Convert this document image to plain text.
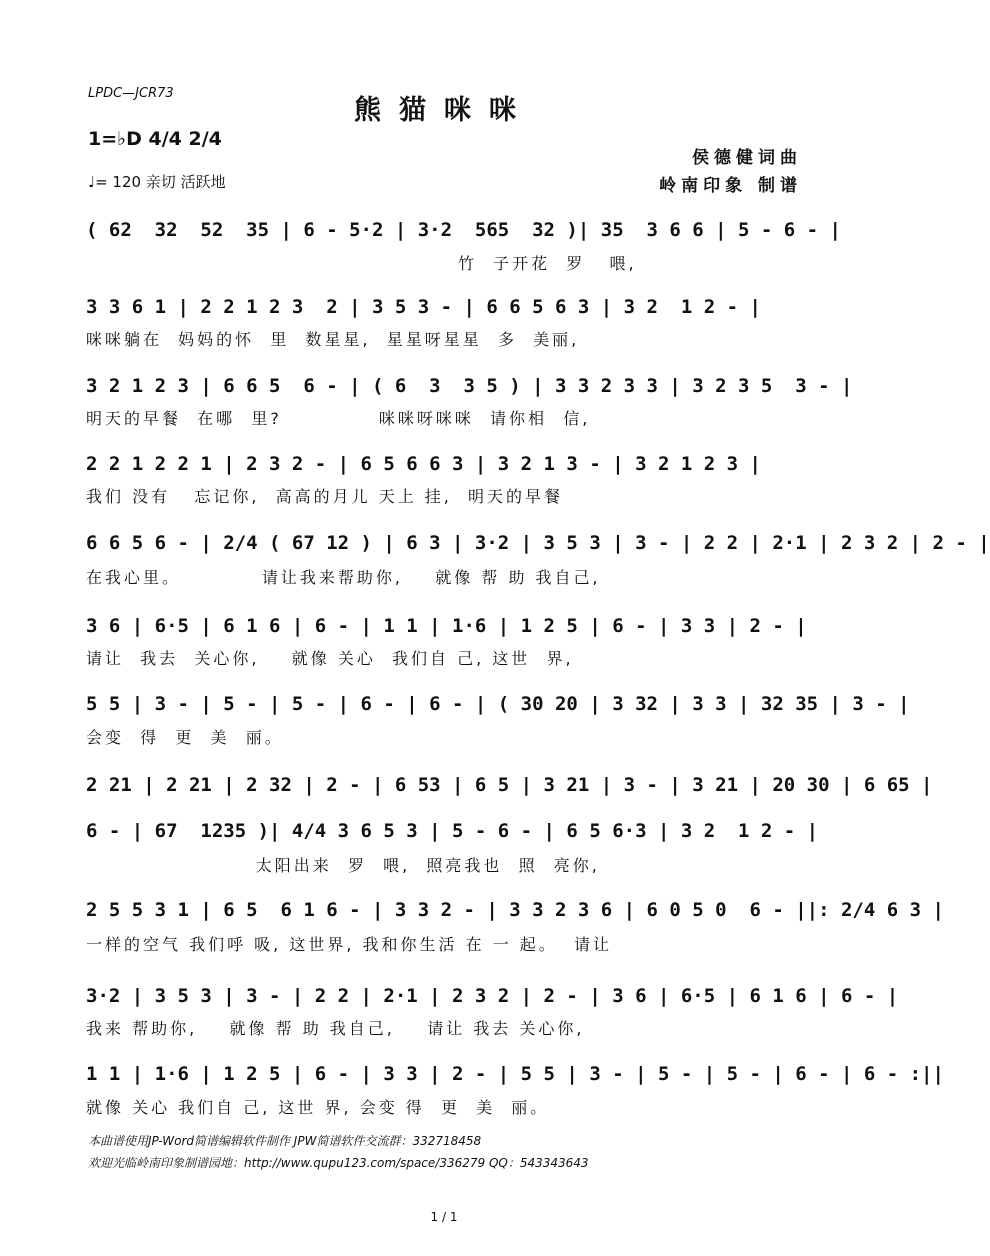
LPDC—JCR73
熊猫咪咪
1=♭D 4/4 2/4
♩= 120 亲切 活跃地
侯德健词曲
岭南印象 制谱
( 62  32  52  35 | 6 - 5·2 | 3·2  565  32 )| 35  3 6 6 | 5 - 6 - |
竹  子开花  罗   喂,
3 3 6 1 | 2 2 1 2 3  2 | 3 5 3 - | 6 6 5 6 3 | 3 2  1 2 - |
咪咪躺在  妈妈的怀  里  数星星,  星星呀星星  多  美丽,
3 2 1 2 3 | 6 6 5  6 - | ( 6  3  3 5 ) | 3 3 2 3 3 | 3 2 3 5  3 - |
明天的早餐  在哪  里?            咪咪呀咪咪  请你相  信,
2 2 1 2 2 1 | 2 3 2 - | 6 5 6 6 3 | 3 2 1 3 - | 3 2 1 2 3 |
我们 没有   忘记你,  高高的月儿 天上 挂,  明天的早餐
6 6 5 6 - | 2/4 ( 67 12 ) | 6 3 | 3·2 | 3 5 3 | 3 - | 2 2 | 2·1 | 2 3 2 | 2 - |
在我心里。          请让我来帮助你,    就像 帮 助 我自己,
3 6 | 6·5 | 6 1 6 | 6 - | 1 1 | 1·6 | 1 2 5 | 6 - | 3 3 | 2 - |
请让  我去  关心你,    就像 关心  我们自 己, 这世  界,
5 5 | 3 - | 5 - | 5 - | 6 - | 6 - | ( 30 20 | 3 32 | 3 3 | 32 35 | 3 - |
会变  得  更  美  丽。
2 21 | 2 21 | 2 32 | 2 - | 6 53 | 6 5 | 3 21 | 3 - | 3 21 | 20 30 | 6 65 |
6 - | 67  1235 )| 4/4 3 6 5 3 | 5 - 6 - | 6 5 6·3 | 3 2  1 2 - |
太阳出来  罗  喂,  照亮我也  照  亮你,
2 5 5 3 1 | 6 5  6 1 6 - | 3 3 2 - | 3 3 2 3 6 | 6 0 5 0  6 - ||: 2/4 6 3 |
一样的空气 我们呼 吸, 这世界, 我和你生活 在 一 起。  请让
3·2 | 3 5 3 | 3 - | 2 2 | 2·1 | 2 3 2 | 2 - | 3 6 | 6·5 | 6 1 6 | 6 - |
我来 帮助你,    就像 帮 助 我自己,    请让 我去 关心你,
1 1 | 1·6 | 1 2 5 | 6 - | 3 3 | 2 - | 5 5 | 3 - | 5 - | 5 - | 6 - | 6 - :||
就像 关心 我们自 己, 这世 界, 会变 得  更  美  丽。
本曲谱使用JP-Word简谱编辑软件制作 JPW简谱软件交流群：332718458
欢迎光临岭南印象制谱园地：http://www.qupu123.com/space/336279 QQ：543343643
1 / 1
